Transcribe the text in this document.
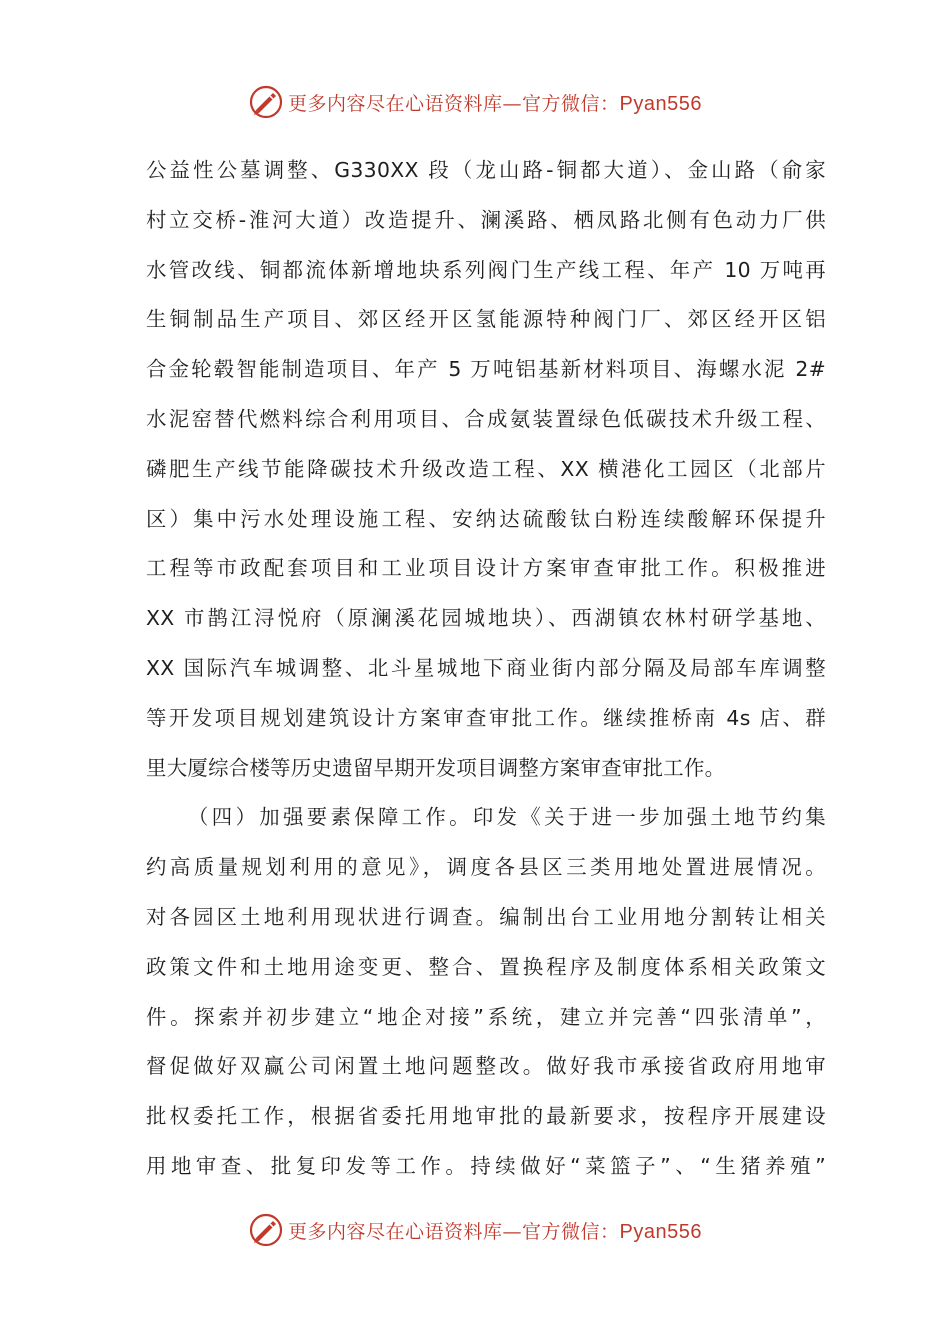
更多内容尽在心语资料库—官方微信：Pyan556
公益性公墓调整、G330XX 段（龙山路-铜都大道）、金山路（俞家
村立交桥-淮河大道）改造提升、澜溪路、栖凤路北侧有色动力厂供
水管改线、铜都流体新增地块系列阀门生产线工程、年产 10 万吨再
生铜制品生产项目、郊区经开区氢能源特种阀门厂、郊区经开区铝
合金轮毂智能制造项目、年产 5 万吨铝基新材料项目、海螺水泥 2#
水泥窑替代燃料综合利用项目、合成氨装置绿色低碳技术升级工程、
磷肥生产线节能降碳技术升级改造工程、XX 横港化工园区（北部片
区）集中污水处理设施工程、安纳达硫酸钛白粉连续酸解环保提升
工程等市政配套项目和工业项目设计方案审查审批工作。积极推进
XX 市鹊江浔悦府（原澜溪花园城地块）、西湖镇农林村研学基地、
XX 国际汽车城调整、北斗星城地下商业街内部分隔及局部车库调整
等开发项目规划建筑设计方案审查审批工作。继续推桥南 4s 店、群
里大厦综合楼等历史遗留早期开发项目调整方案审查审批工作。
（四）加强要素保障工作。印发《关于进一步加强土地节约集
约高质量规划利用的意见》，调度各县区三类用地处置进展情况。
对各园区土地利用现状进行调查。编制出台工业用地分割转让相关
政策文件和土地用途变更、整合、置换程序及制度体系相关政策文
件。探索并初步建立“地企对接”系统，建立并完善“四张清单”，
督促做好双赢公司闲置土地问题整改。做好我市承接省政府用地审
批权委托工作，根据省委托用地审批的最新要求，按程序开展建设
用地审查、批复印发等工作。持续做好“菜篮子”、“生猪养殖”
更多内容尽在心语资料库—官方微信：Pyan556
